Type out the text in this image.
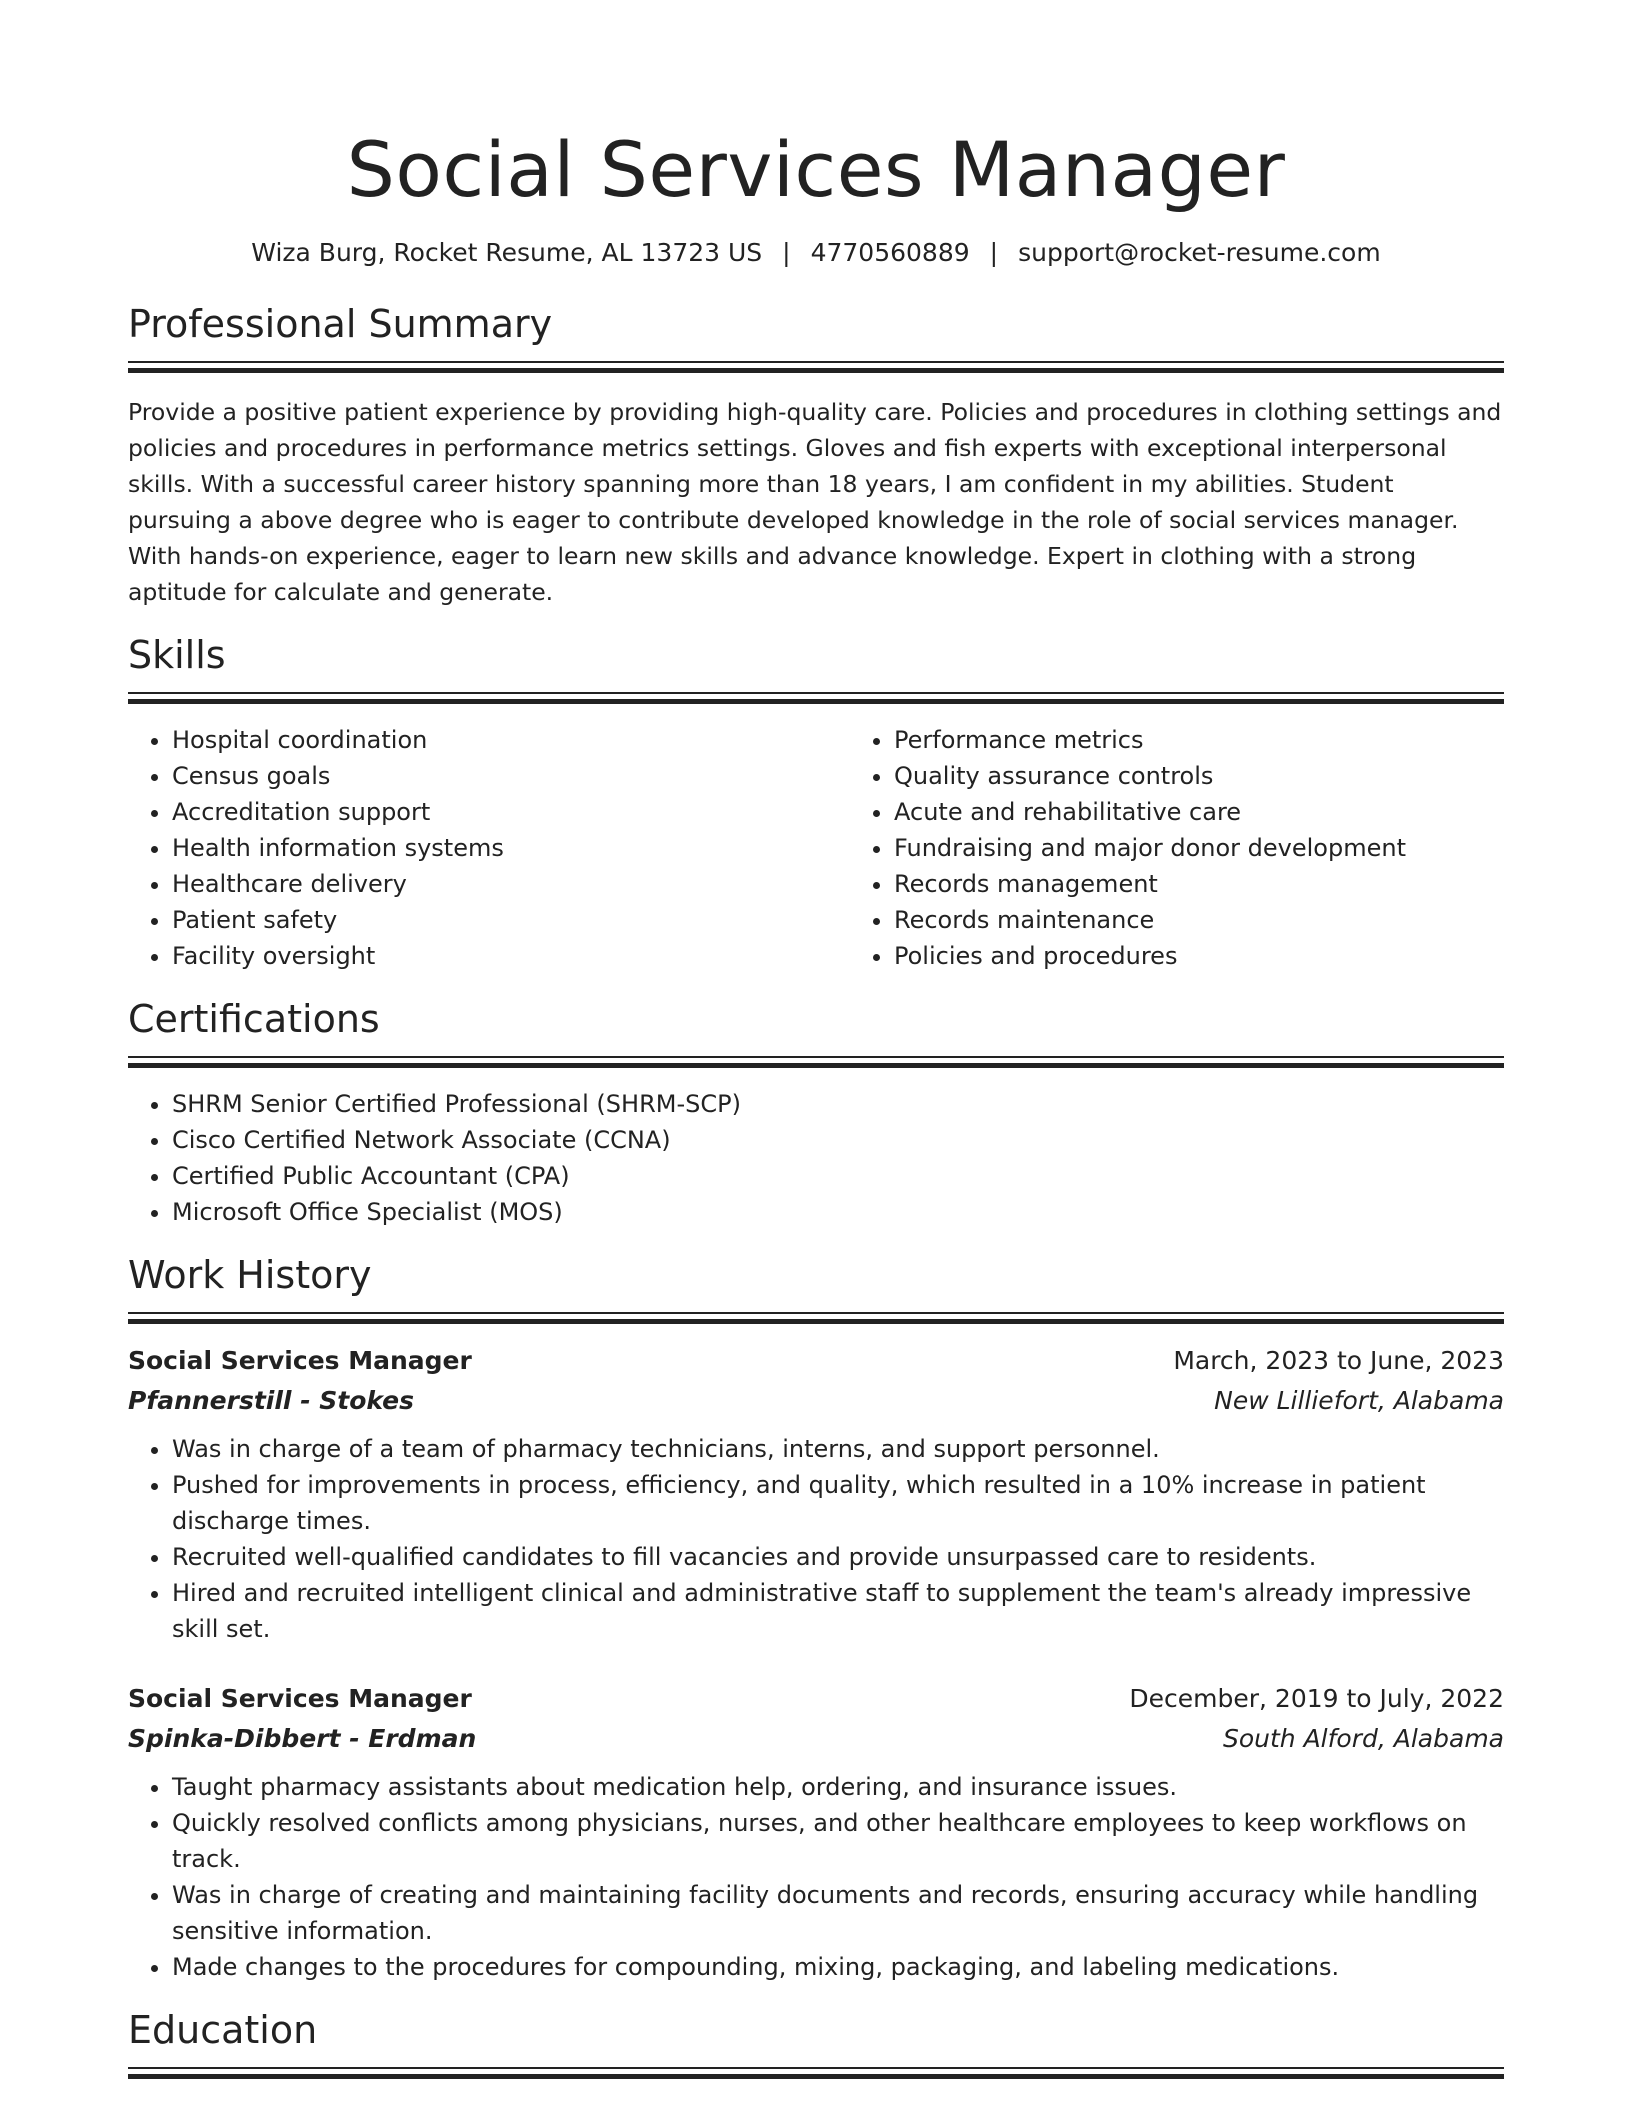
Social Services Manager
Wiza Burg, Rocket Resume, AL 13723 US | 4770560889 | support@rocket-resume.com
Professional Summary

Provide a positive patient experience by providing high-quality care. Policies and procedures in clothing settings and policies and procedures in performance metrics settings. Gloves and fish experts with exceptional interpersonal skills. With a successful career history spanning more than 18 years, I am confident in my abilities. Student pursuing a above degree who is eager to contribute developed knowledge in the role of social services manager. With hands-on experience, eager to learn new skills and advance knowledge. Expert in clothing with a strong aptitude for calculate and generate.

Skills
• Hospital coordination
• Census goals
• Accreditation support
• Health information systems
• Healthcare delivery
• Patient safety
• Facility oversight
• Performance metrics
• Quality assurance controls
• Acute and rehabilitative care
• Fundraising and major donor development
• Records management
• Records maintenance
• Policies and procedures
Certifications
• SHRM Senior Certified Professional (SHRM-SCP)
• Cisco Certified Network Associate (CCNA)
• Certified Public Accountant (CPA)
• Microsoft Office Specialist (MOS)
Work History
Social Services Manager	March, 2023 to June, 2023
Pfannerstill - Stokes	New Lilliefort, Alabama
• Was in charge of a team of pharmacy technicians, interns, and support personnel.
• Pushed for improvements in process, efficiency, and quality, which resulted in a 10% increase in patient discharge times.
• Recruited well-qualified candidates to fill vacancies and provide unsurpassed care to residents.
• Hired and recruited intelligent clinical and administrative staff to supplement the team's already impressive skill set.
Social Services Manager	December, 2019 to July, 2022
Spinka-Dibbert - Erdman	South Alford, Alabama
• Taught pharmacy assistants about medication help, ordering, and insurance issues.
• Quickly resolved conflicts among physicians, nurses, and other healthcare employees to keep workflows on track.
• Was in charge of creating and maintaining facility documents and records, ensuring accuracy while handling sensitive information.
• Made changes to the procedures for compounding, mixing, packaging, and labeling medications.
Education
